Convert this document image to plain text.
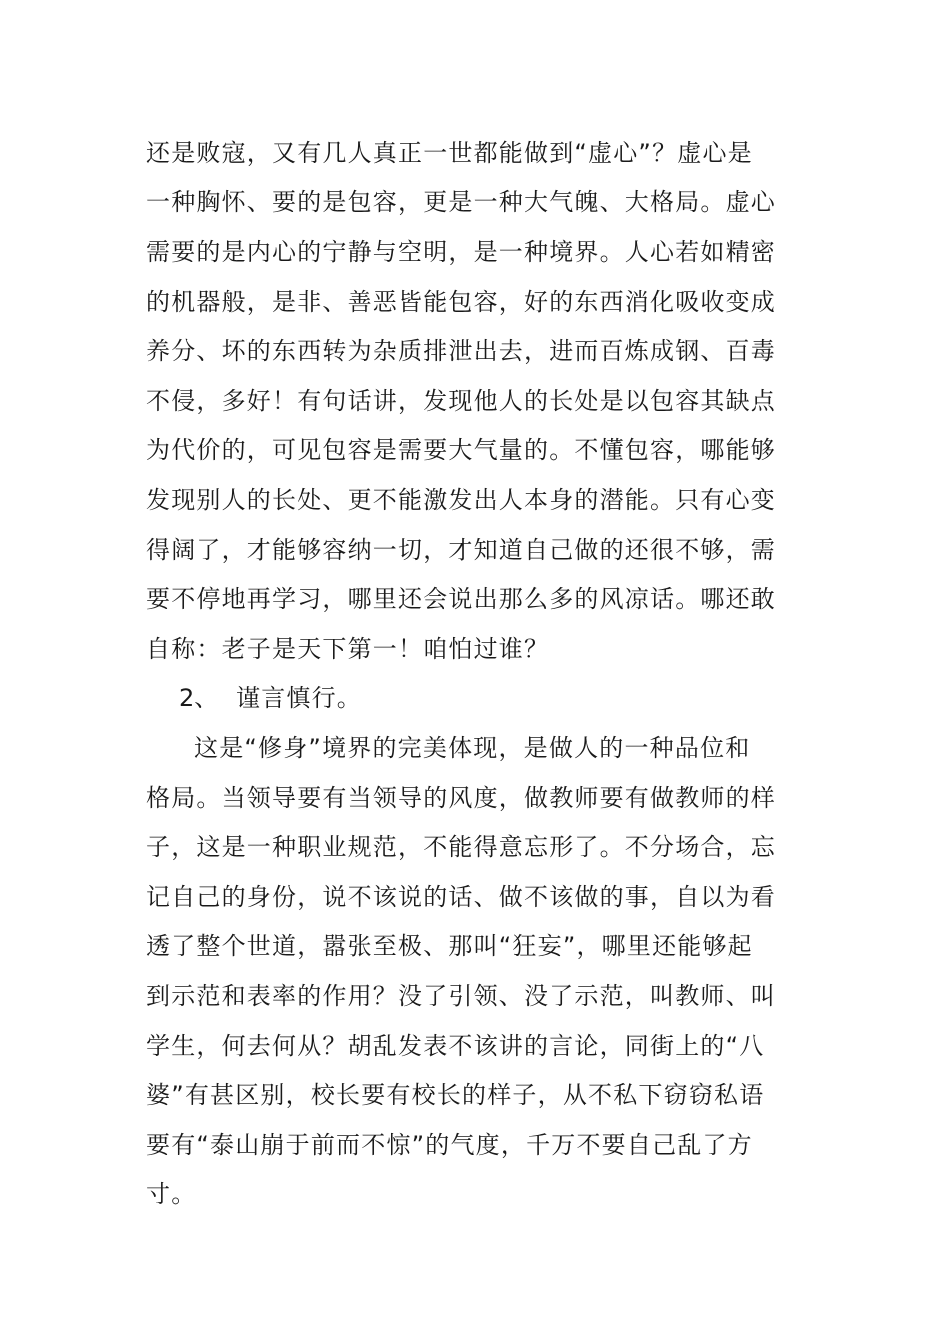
还是败寇，又有几人真正一世都能做到“虚心”？虚心是
一种胸怀、要的是包容，更是一种大气魄、大格局。虚心
需要的是内心的宁静与空明，是一种境界。人心若如精密
的机器般，是非、善恶皆能包容，好的东西消化吸收变成
养分、坏的东西转为杂质排泄出去，进而百炼成钢、百毒
不侵，多好！有句话讲，发现他人的长处是以包容其缺点
为代价的，可见包容是需要大气量的。不懂包容，哪能够
发现别人的长处、更不能激发出人本身的潜能。只有心变
得阔了，才能够容纳一切，才知道自己做的还很不够，需
要不停地再学习，哪里还会说出那么多的风凉话。哪还敢
自称：老子是天下第一！咱怕过谁？
2、 谨言慎行。
这是“修身”境界的完美体现，是做人的一种品位和
格局。当领导要有当领导的风度，做教师要有做教师的样
子，这是一种职业规范，不能得意忘形了。不分场合，忘
记自己的身份，说不该说的话、做不该做的事，自以为看
透了整个世道，嚣张至极、那叫“狂妄”，哪里还能够起
到示范和表率的作用？没了引领、没了示范，叫教师、叫
学生，何去何从？胡乱发表不该讲的言论，同街上的“八
婆”有甚区别，校长要有校长的样子，从不私下窃窃私语
要有“泰山崩于前而不惊”的气度，千万不要自己乱了方
寸。
